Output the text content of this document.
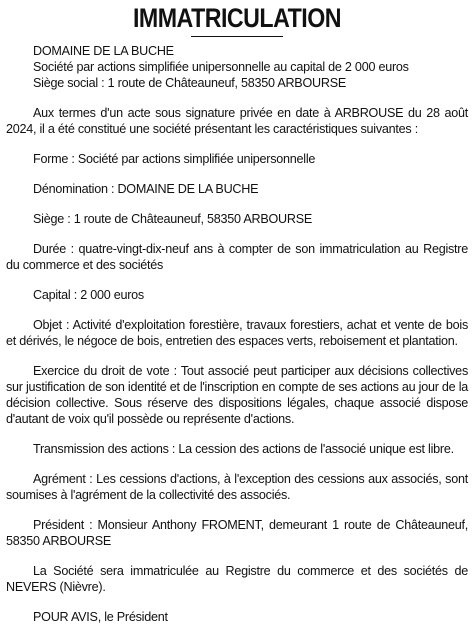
IMMATRICULATION
DOMAINE DE LA BUCHE
Société par actions simplifiée unipersonnelle au capital de 2 000 euros
Siège social : 1 route de Châteauneuf, 58350 ARBOURSE

Aux termes d'un acte sous signature privée en date à ARBROUSE du 28 août 2024, il a été constitué une société présentant les caractéristiques suivantes :

Forme : Société par actions simplifiée unipersonnelle

Dénomination : DOMAINE DE LA BUCHE

Siège : 1 route de Châteauneuf, 58350 ARBOURSE

Durée : quatre-vingt-dix-neuf ans à compter de son immatriculation au Registre du commerce et des sociétés

Capital : 2 000 euros

Objet : Activité d'exploitation forestière, travaux forestiers, achat et vente de bois et dérivés, le négoce de bois, entretien des espaces verts, reboisement et plantation.

Exercice du droit de vote : Tout associé peut participer aux décisions collectives sur justification de son identité et de l'inscription en compte de ses actions au jour de la décision collective. Sous réserve des dispositions légales, chaque associé dispose d'autant de voix qu'il possède ou représente d'actions.

Transmission des actions : La cession des actions de l'associé unique est libre.

Agrément : Les cessions d'actions, à l'exception des cessions aux associés, sont soumises à l'agrément de la collectivité des associés.

Président : Monsieur Anthony FROMENT, demeurant 1 route de Châteauneuf, 58350 ARBOURSE

La Société sera immatriculée au Registre du commerce et des sociétés de NEVERS (Nièvre).

POUR AVIS, le Président
